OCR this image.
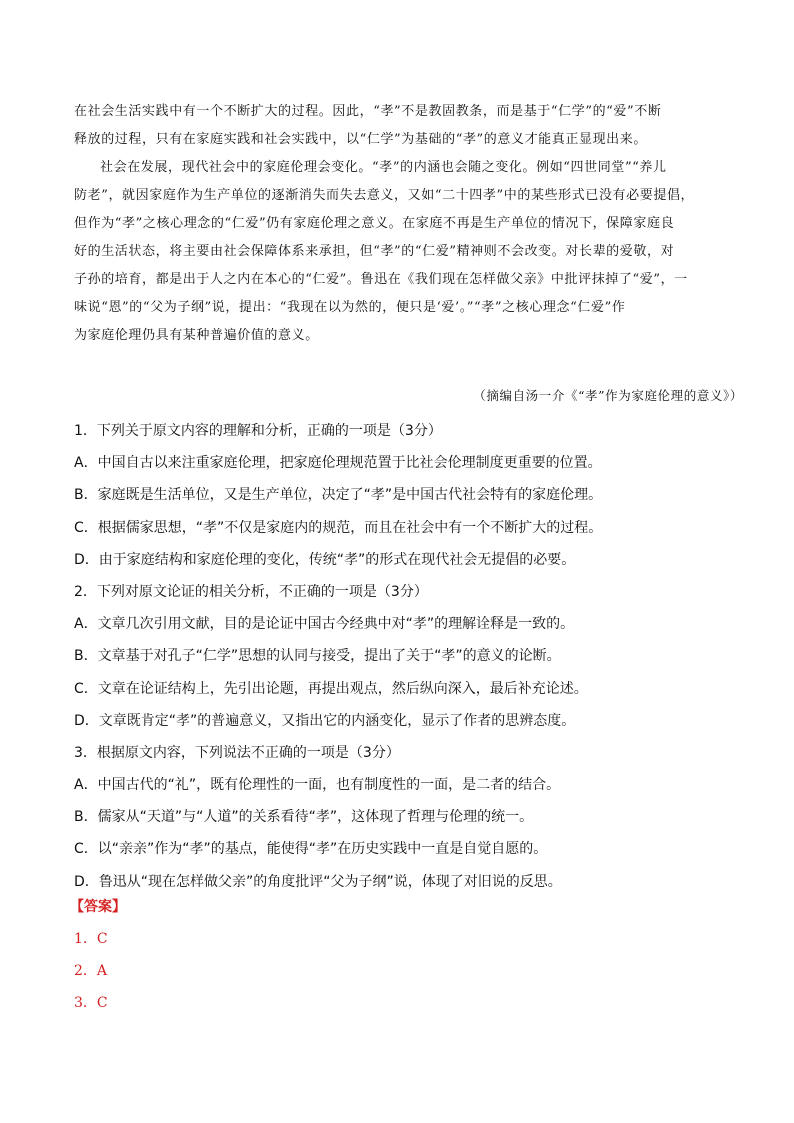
在社会生活实践中有一个不断扩大的过程。因此，“孝”不是教固教条，而是基于“仁学”的“爱”不断
释放的过程，只有在家庭实践和社会实践中，以“仁学”为基础的“孝”的意义才能真正显现出来。
社会在发展，现代社会中的家庭伦理会变化。“孝”的内涵也会随之变化。例如“四世同堂”“养儿
防老”，就因家庭作为生产单位的逐渐消失而失去意义，又如“二十四孝”中的某些形式已没有必要提倡，
但作为“孝”之核心理念的“仁爱”仍有家庭伦理之意义。在家庭不再是生产单位的情况下，保障家庭良
好的生活状态，将主要由社会保障体系来承担，但“孝”的“仁爱”精神则不会改变。对长辈的爱敬，对
子孙的培育，都是出于人之内在本心的“仁爱”。鲁迅在《我们现在怎样做父亲》中批评抹掉了“爱”，一
味说“恩”的“父为子纲”说，提出：“我现在以为然的，便只是‘爱’。”“孝”之核心理念“仁爱”作
为家庭伦理仍具有某种普遍价值的意义。
（摘编自汤一介《“孝”作为家庭伦理的意义》）
1．下列关于原文内容的理解和分析，正确的一项是（3分）
A．中国自古以来注重家庭伦理，把家庭伦理规范置于比社会伦理制度更重要的位置。
B．家庭既是生活单位，又是生产单位，决定了“孝”是中国古代社会特有的家庭伦理。
C．根据儒家思想，“孝”不仅是家庭内的规范，而且在社会中有一个不断扩大的过程。
D．由于家庭结构和家庭伦理的变化，传统“孝”的形式在现代社会无提倡的必要。
2．下列对原文论证的相关分析，不正确的一项是（3分）
A．文章几次引用文献，目的是论证中国古今经典中对“孝”的理解诠释是一致的。
B．文章基于对孔子“仁学”思想的认同与接受，提出了关于“孝”的意义的论断。
C．文章在论证结构上，先引出论题，再提出观点，然后纵向深入，最后补充论述。
D．文章既肯定“孝”的普遍意义，又指出它的内涵变化，显示了作者的思辨态度。
3．根据原文内容，下列说法不正确的一项是（3分）
A．中国古代的“礼”，既有伦理性的一面，也有制度性的一面，是二者的结合。
B．儒家从“天道”与“人道”的关系看待“孝”，这体现了哲理与伦理的统一。
C．以“亲亲”作为“孝”的基点，能使得“孝”在历史实践中一直是自觉自愿的。
D．鲁迅从“现在怎样做父亲”的角度批评“父为子纲”说，体现了对旧说的反思。
【答案】
1．C
2．A
3．C
